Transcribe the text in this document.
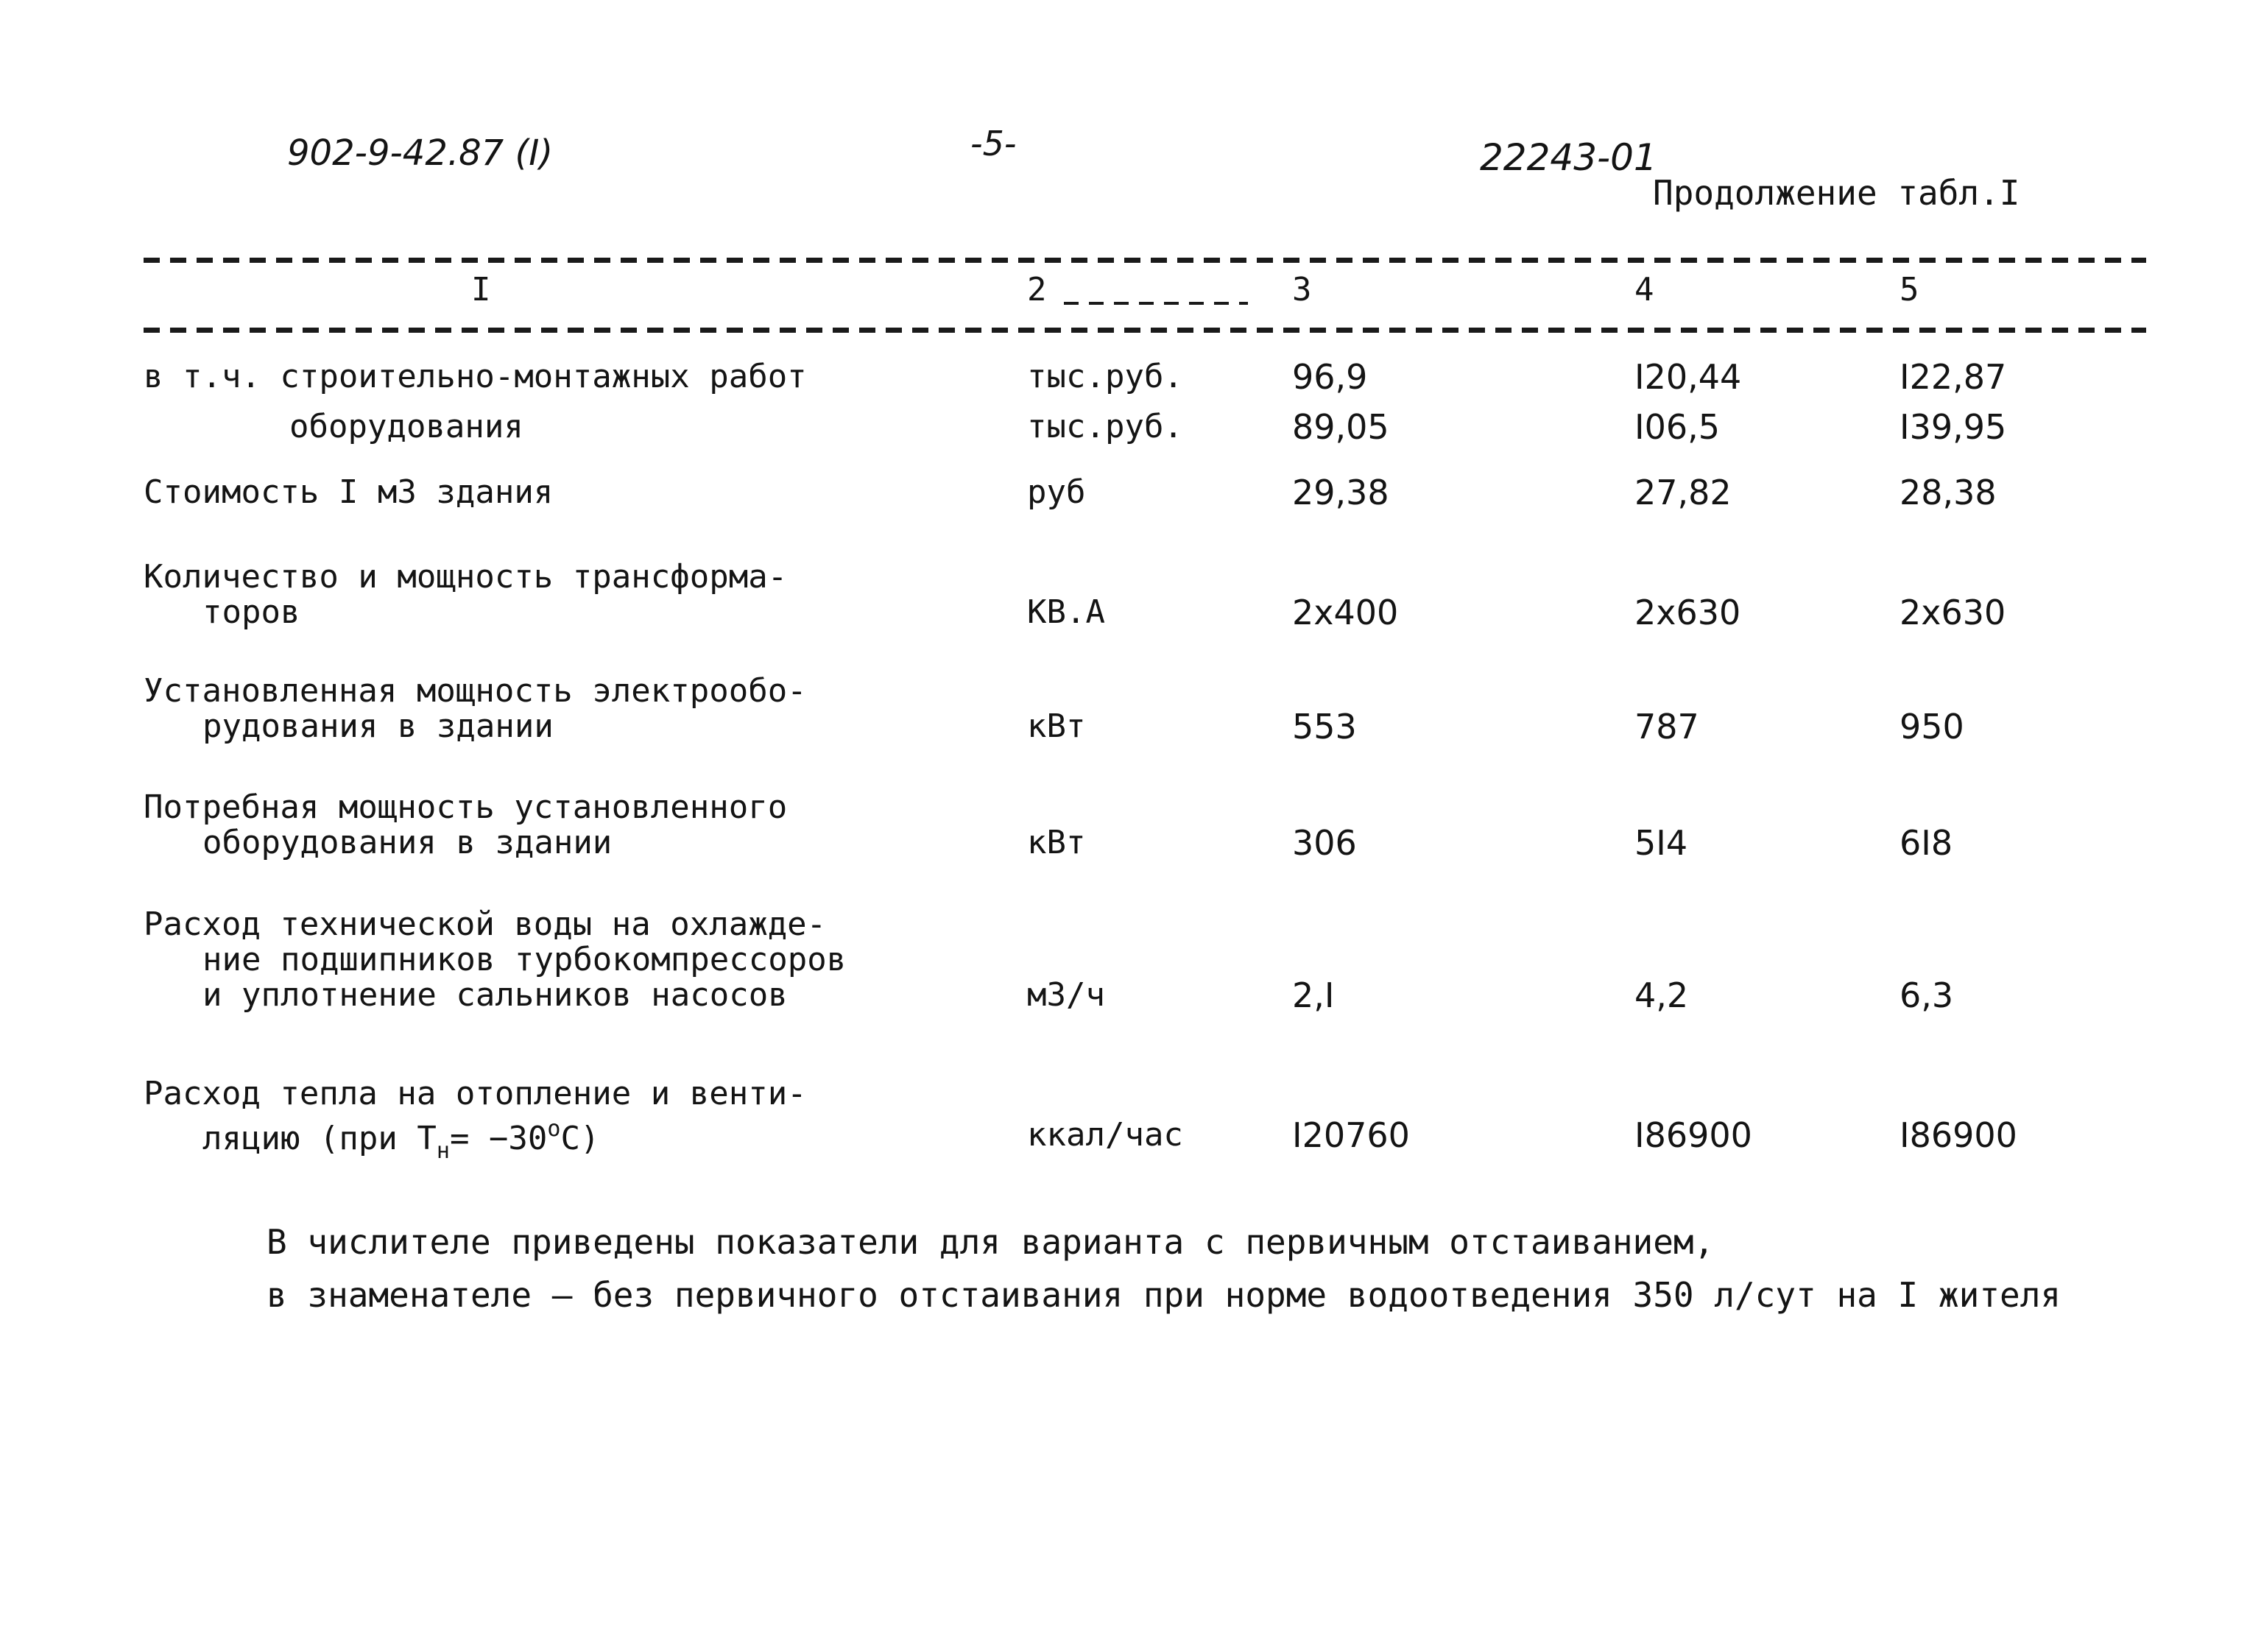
902-9-42.87 (I)	-5-	22243-01
Продолжение табл.I
I	2	3	4	5
в т.ч. строительно-монтажных работ	тыс.руб.	96,9	I20,44	I22,87
оборудования	тыс.руб.	89,05	I06,5	I39,95
Стоимость I м3 здания	руб	29,38	27,82	28,38
Количество и мощность трансформа-
торов	КВ.А	2х400	2х630	2х630
Установленная мощность электрообо-
рудования в здании	кВт	553	787	950
Потребная мощность установленного
оборудования в здании	кВт	306	5I4	6I8
Расход технической воды на охлажде-
ние подшипников турбокомпрессоров
и уплотнение сальников насосов	м3/ч	2,I	4,2	6,3
Расход тепла на отопление и венти-
ляцию (при $Т_н= -30^оС$)	ккал/час	I20760	I86900	I86900
В числителе приведены показатели для варианта с первичным отстаиванием,
в знаменателе – без первичного отстаивания при норме водоотведения 350 л/сут на I жителя
